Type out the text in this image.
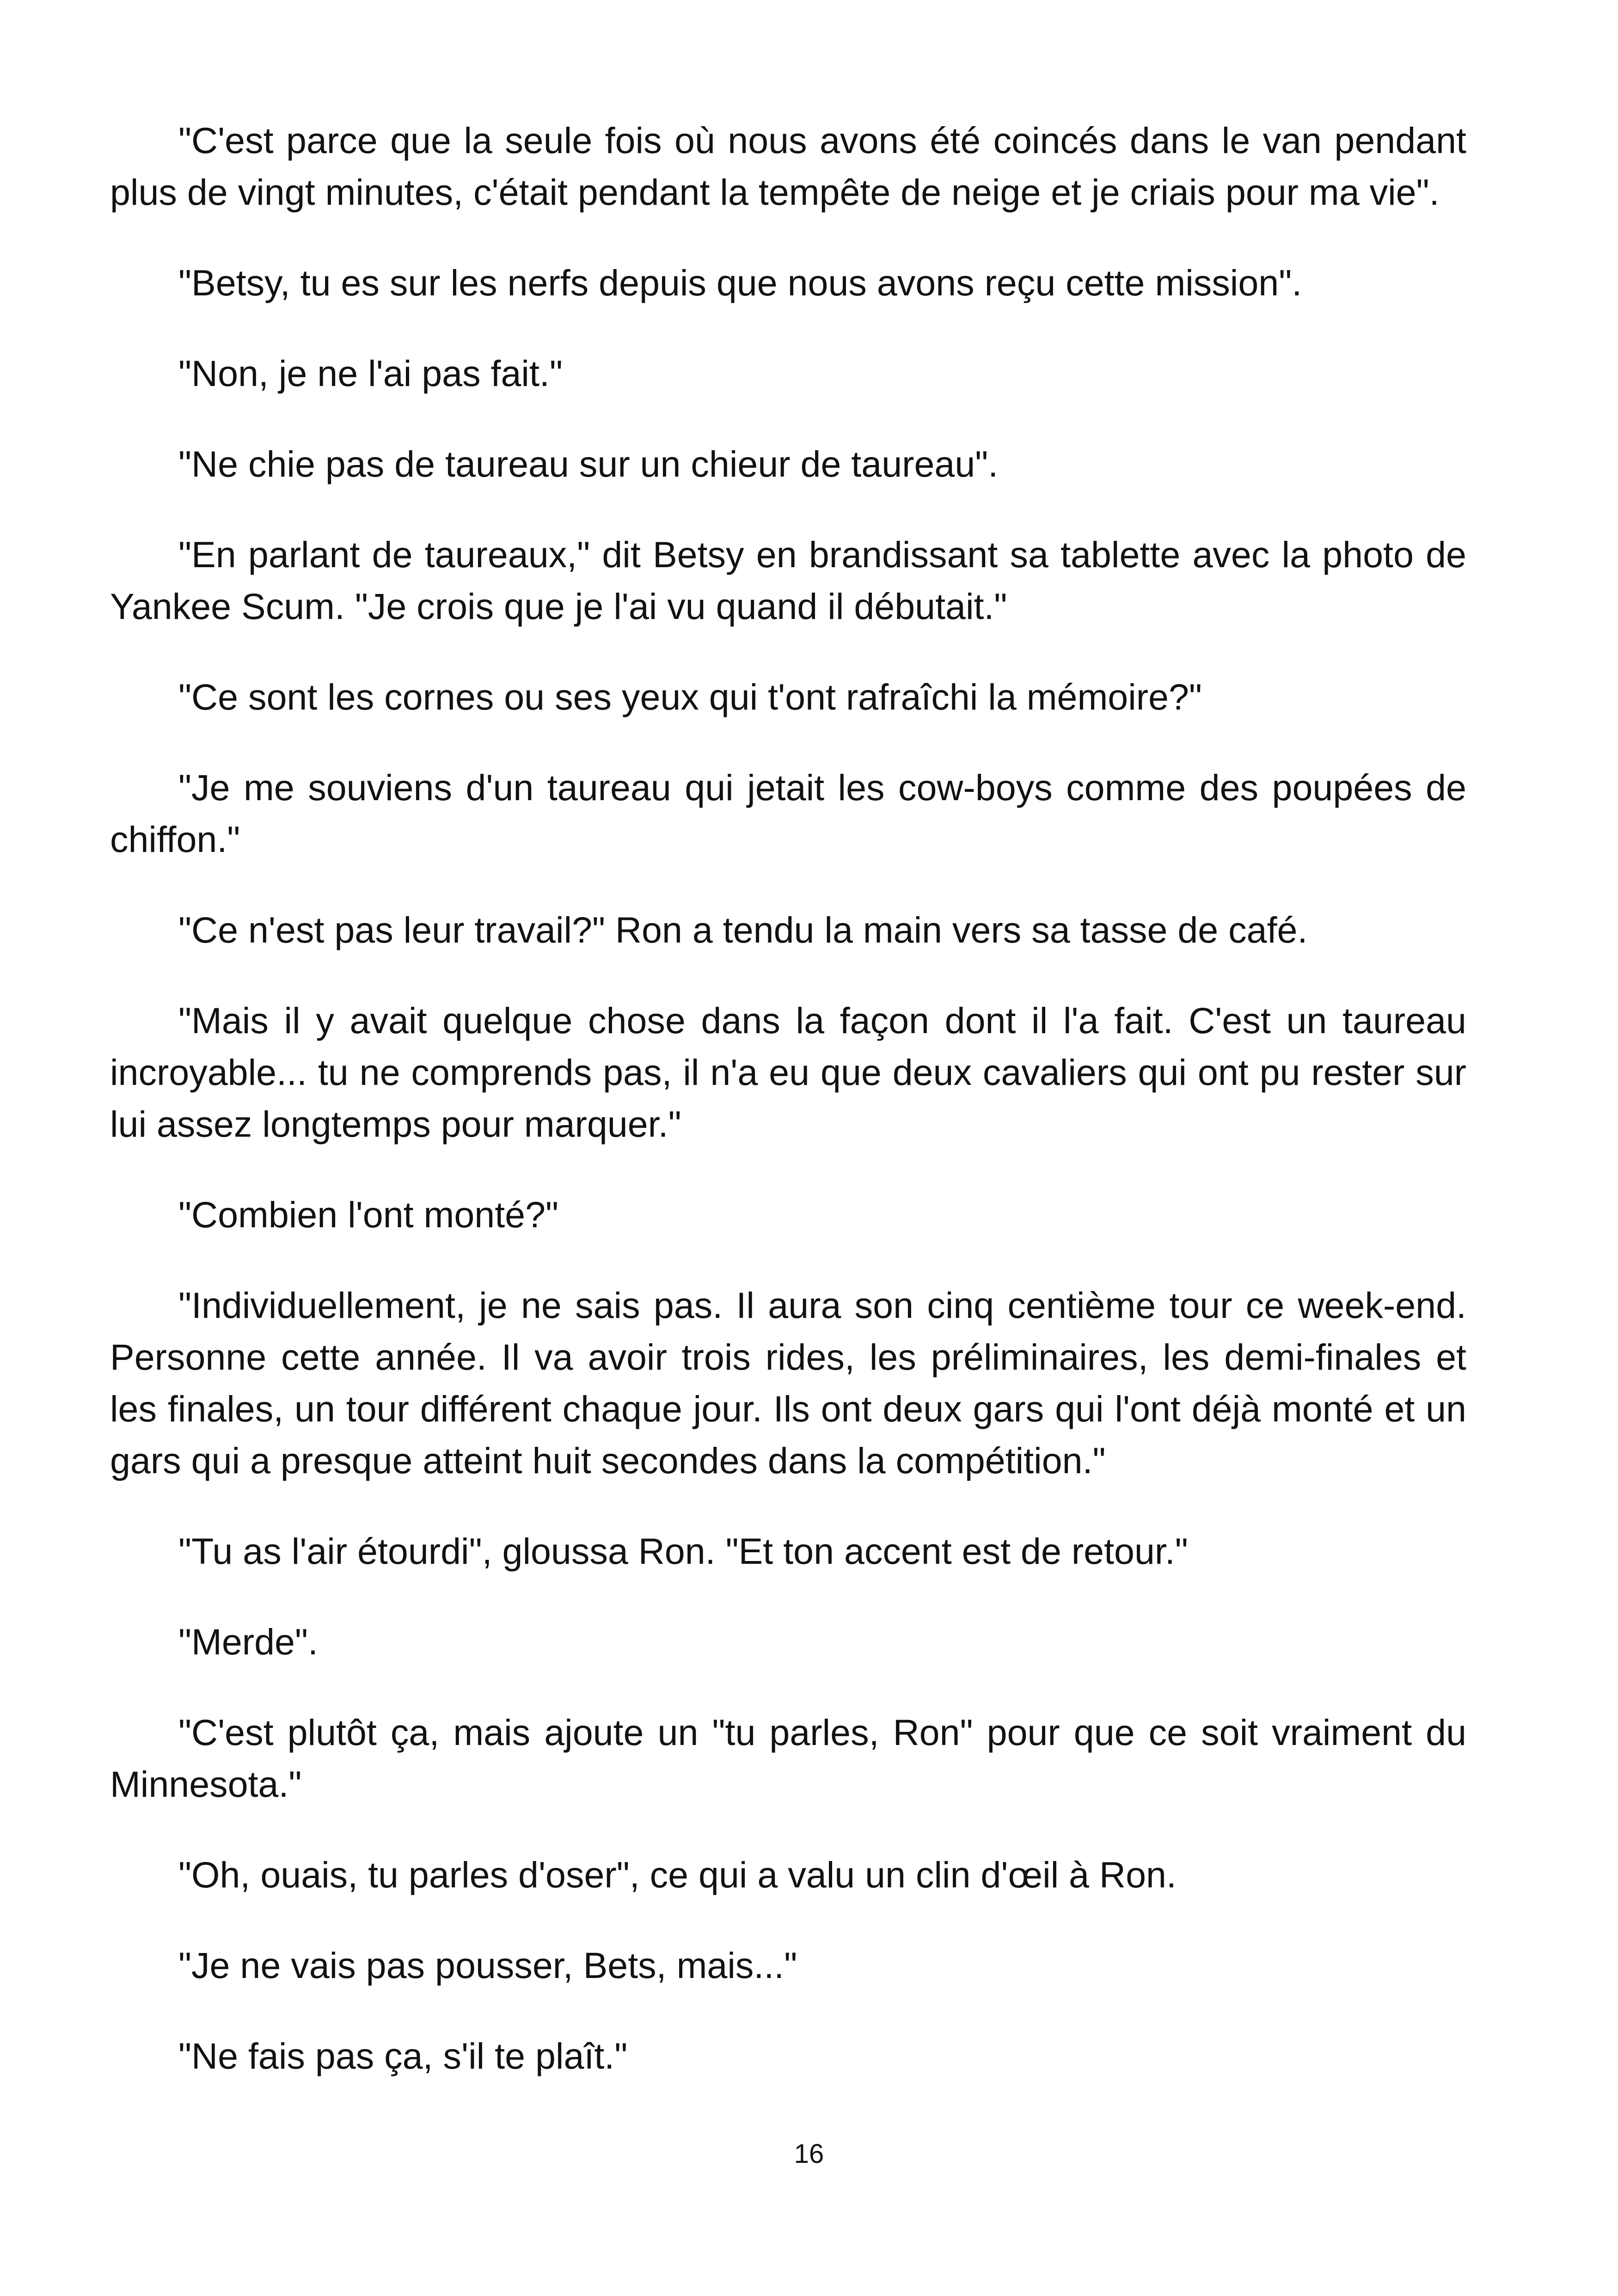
"C'est parce que la seule fois où nous avons été coincés dans le van pendant plus de vingt minutes, c'était pendant la tempête de neige et je criais pour ma vie".

"Betsy, tu es sur les nerfs depuis que nous avons reçu cette mission".

"Non, je ne l'ai pas fait."

"Ne chie pas de taureau sur un chieur de taureau".

"En parlant de taureaux," dit Betsy en brandissant sa tablette avec la photo de Yankee Scum. "Je crois que je l'ai vu quand il débutait."

"Ce sont les cornes ou ses yeux qui t'ont rafraîchi la mémoire?"

"Je me souviens d'un taureau qui jetait les cow-boys comme des poupées de chiffon."

"Ce n'est pas leur travail?" Ron a tendu la main vers sa tasse de café.

"Mais il y avait quelque chose dans la façon dont il l'a fait. C'est un taureau incroyable... tu ne comprends pas, il n'a eu que deux cavaliers qui ont pu rester sur lui assez longtemps pour marquer."

"Combien l'ont monté?"

"Individuellement, je ne sais pas. Il aura son cinq centième tour ce week-end. Personne cette année. Il va avoir trois rides, les préliminaires, les demi-finales et les finales, un tour différent chaque jour. Ils ont deux gars qui l'ont déjà monté et un gars qui a presque atteint huit secondes dans la compétition."

"Tu as l'air étourdi", gloussa Ron. "Et ton accent est de retour."

"Merde".

"C'est plutôt ça, mais ajoute un "tu parles, Ron" pour que ce soit vraiment du Minnesota."

"Oh, ouais, tu parles d'oser", ce qui a valu un clin d'œil à Ron.

"Je ne vais pas pousser, Bets, mais..."

"Ne fais pas ça, s'il te plaît."

16
